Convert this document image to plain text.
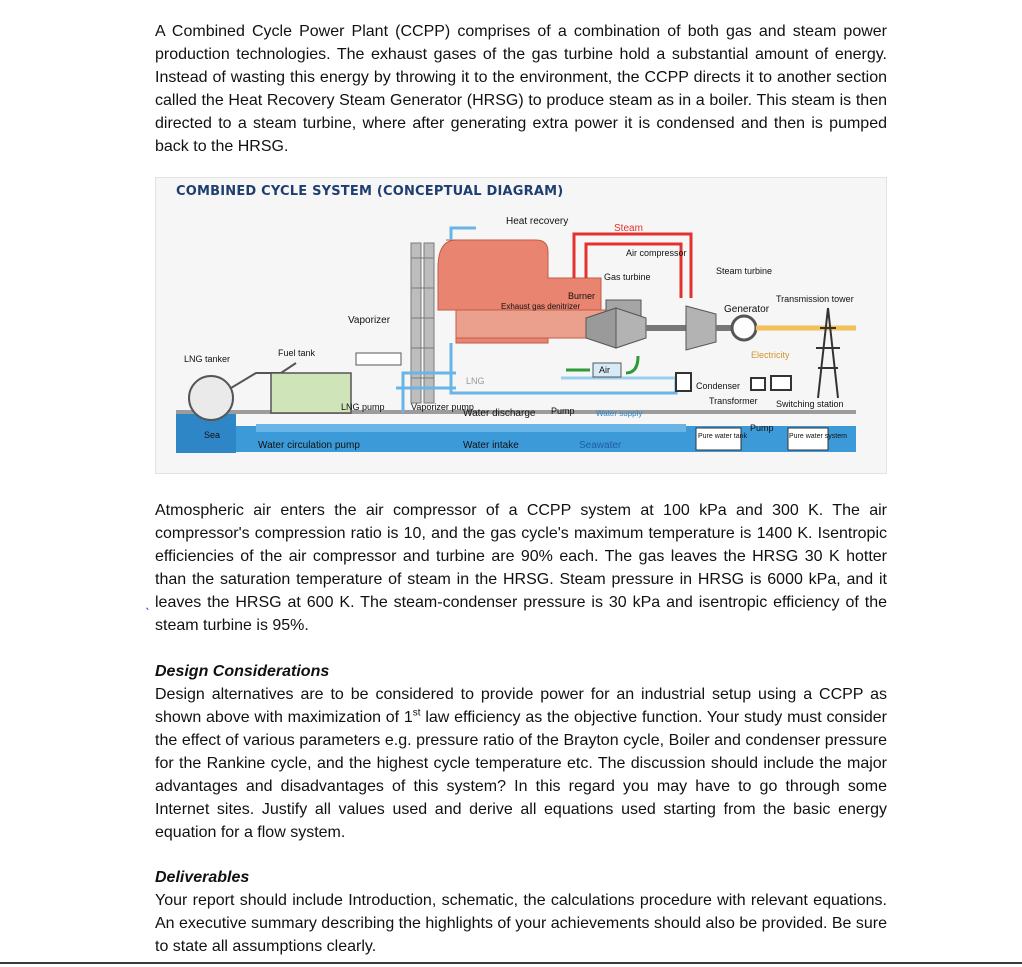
A Combined Cycle Power Plant (CCPP) comprises of a combination of both gas and steam power production technologies. The exhaust gases of the gas turbine hold a substantial amount of energy. Instead of wasting this energy by throwing it to the environment, the CCPP directs it to another section called the Heat Recovery Steam Generator (HRSG) to produce steam as in a boiler. This steam is then directed to a steam turbine, where after generating extra power it is condensed and then is pumped back to the HRSG.

COMBINED CYCLE SYSTEM (CONCEPTUAL DIAGRAM)
Heat recovery
Steam
Air compressor
Gas turbine
Steam turbine
Burner
Exhaust gas denitrizer	Generator
Transmission tower
Vaporizer
Fuel tank
LNG tanker	Electricity
Air
LNG	Condenser
LNG pump	Vaporizer pump
Water discharge Pump	Water supply
Transformer Switching station
Sea
Water circulation pump	Water intake	Seawater
Pure water tank
Pump
Pure water system

Atmospheric air enters the air compressor of a CCPP system at 100 kPa and 300 K. The air compressor's compression ratio is 10, and the gas cycle's maximum temperature is 1400 K. Isentropic efficiencies of the air compressor and turbine are 90% each. The gas leaves the HRSG 30 K hotter than the saturation temperature of steam in the HRSG. Steam pressure in HRSG is
ˎ
6000 kPa, and it leaves the HRSG at 600 K. The steam-condenser pressure is 30 kPa and isentropic efficiency of the steam turbine is 95%.

Design Considerations

Design alternatives are to be considered to provide power for an industrial setup using a CCPP as shown above with maximization of 1st law efficiency as the objective function. Your study must consider the effect of various parameters e.g. pressure ratio of the Brayton cycle, Boiler and condenser pressure for the Rankine cycle, and the highest cycle temperature etc. The discussion should include the major advantages and disadvantages of this system? In this regard you may have to go through some Internet sites. Justify all values used and derive all equations used starting from the basic energy equation for a flow system.

Deliverables

Your report should include Introduction, schematic, the calculations procedure with relevant equations. An executive summary describing the highlights of your achievements should also be provided. Be sure to state all assumptions clearly.
